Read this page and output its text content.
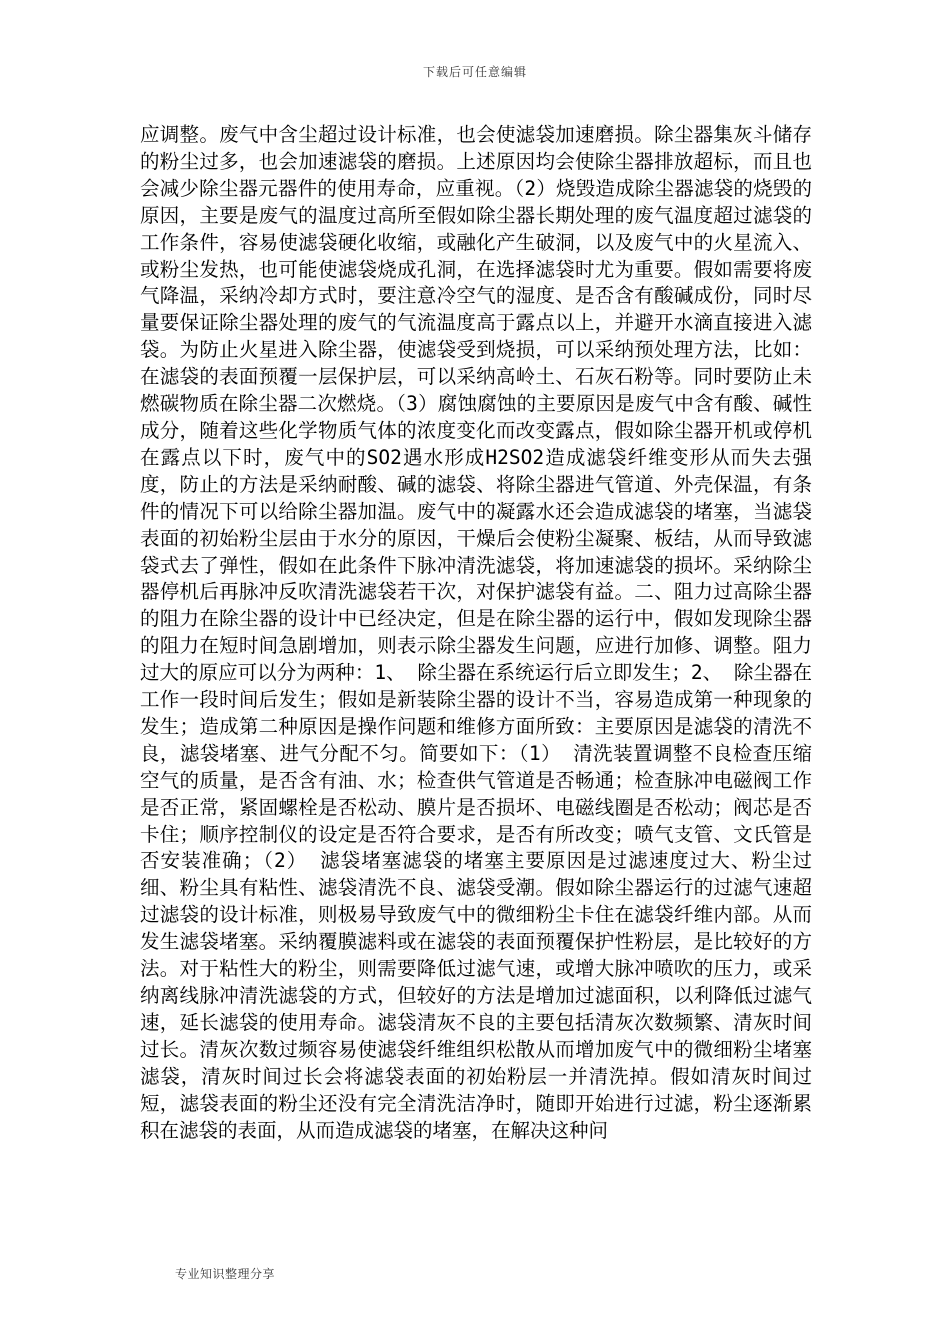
下载后可任意编辑
应调整。废气中含尘超过设计标准，也会使滤袋加速磨损。除尘器集灰斗储存的粉尘过多，也会加速滤袋的磨损。上述原因均会使除尘器排放超标，而且也会减少除尘器元器件的使用寿命，应重视。（2）烧毁造成除尘器滤袋的烧毁的原因，主要是废气的温度过高所至假如除尘器长期处理的废气温度超过滤袋的工作条件，容易使滤袋硬化收缩，或融化产生破洞，以及废气中的火星流入、或粉尘发热，也可能使滤袋烧成孔洞，在选择滤袋时尤为重要。假如需要将废气降温，采纳冷却方式时，要注意冷空气的湿度、是否含有酸碱成份，同时尽量要保证除尘器处理的废气的气流温度高于露点以上，并避开水滴直接进入滤袋。为防止火星进入除尘器，使滤袋受到烧损，可以采纳预处理方法，比如：在滤袋的表面预覆一层保护层，可以采纳高岭土、石灰石粉等。同时要防止未燃碳物质在除尘器二次燃烧。（3）腐蚀腐蚀的主要原因是废气中含有酸、碱性成分，随着这些化学物质气体的浓度变化而改变露点，假如除尘器开机或停机在露点以下时，废气中的SO2遇水形成H2SO2造成滤袋纤维变形从而失去强度，防止的方法是采纳耐酸、碱的滤袋、将除尘器进气管道、外壳保温，有条件的情况下可以给除尘器加温。废气中的凝露水还会造成滤袋的堵塞，当滤袋表面的初始粉尘层由于水分的原因，干燥后会使粉尘凝聚、板结，从而导致滤袋式去了弹性，假如在此条件下脉冲清洗滤袋，将加速滤袋的损坏。采纳除尘器停机后再脉冲反吹清洗滤袋若干次，对保护滤袋有益。二、阻力过高除尘器的阻力在除尘器的设计中已经决定，但是在除尘器的运行中，假如发现除尘器的阻力在短时间急剧增加，则表示除尘器发生问题，应进行加修、调整。阻力过大的原应可以分为两种：1、 除尘器在系统运行后立即发生；2、 除尘器在工作一段时间后发生；假如是新装除尘器的设计不当，容易造成第一种现象的发生；造成第二种原因是操作问题和维修方面所致：主要原因是滤袋的清洗不良，滤袋堵塞、进气分配不匀。简要如下：（1） 清洗装置调整不良检查压缩空气的质量，是否含有油、水；检查供气管道是否畅通；检查脉冲电磁阀工作是否正常，紧固螺栓是否松动、膜片是否损坏、电磁线圈是否松动；阀芯是否卡住；顺序控制仪的设定是否符合要求，是否有所改变；喷气支管、文氏管是否安装准确；（2） 滤袋堵塞滤袋的堵塞主要原因是过滤速度过大、粉尘过细、粉尘具有粘性、滤袋清洗不良、滤袋受潮。假如除尘器运行的过滤气速超过滤袋的设计标准，则极易导致废气中的微细粉尘卡住在滤袋纤维内部。从而发生滤袋堵塞。采纳覆膜滤料或在滤袋的表面预覆保护性粉层，是比较好的方法。对于粘性大的粉尘，则需要降低过滤气速，或增大脉冲喷吹的压力，或采纳离线脉冲清洗滤袋的方式，但较好的方法是增加过滤面积，以利降低过滤气速，延长滤袋的使用寿命。滤袋清灰不良的主要包括清灰次数频繁、清灰时间过长。清灰次数过频容易使滤袋纤维组织松散从而增加废气中的微细粉尘堵塞滤袋，清灰时间过长会将滤袋表面的初始粉层一并清洗掉。假如清灰时间过短，滤袋表面的粉尘还没有完全清洗洁净时，随即开始进行过滤，粉尘逐渐累积在滤袋的表面，从而造成滤袋的堵塞，在解决这种问
专业知识整理分享
